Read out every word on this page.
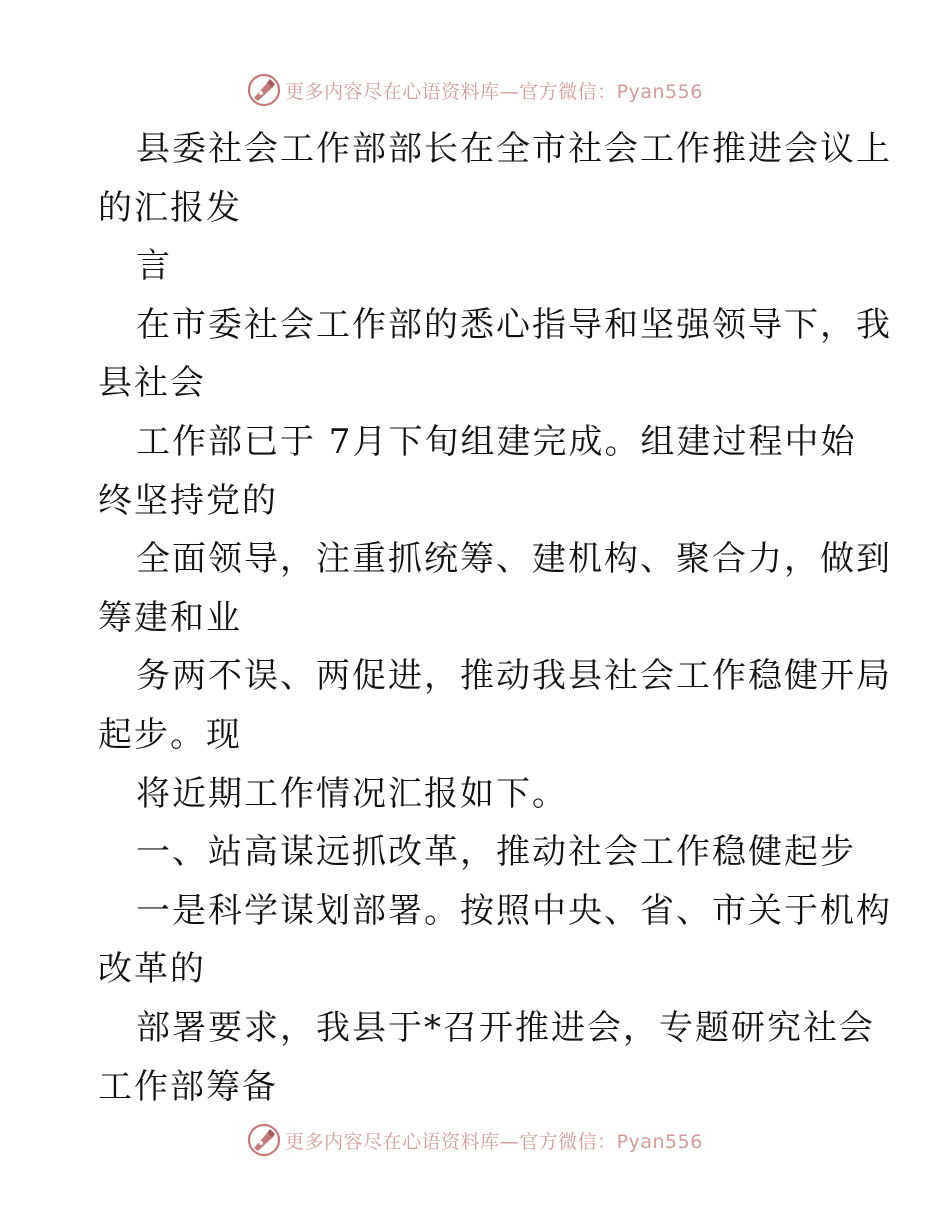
更多内容尽在心语资料库—官方微信：Pyan556
县委社会工作部部长在全市社会工作推进会议上
的汇报发
言
在市委社会工作部的悉心指导和坚强领导下，我
县社会
工作部已于 7月下旬组建完成。组建过程中始
终坚持党的
全面领导，注重抓统筹、建机构、聚合力，做到
筹建和业
务两不误、两促进，推动我县社会工作稳健开局
起步。现
将近期工作情况汇报如下。
一、站高谋远抓改革，推动社会工作稳健起步
一是科学谋划部署。按照中央、省、市关于机构
改革的
部署要求，我县于*召开推进会，专题研究社会
工作部筹备
更多内容尽在心语资料库—官方微信：Pyan556
